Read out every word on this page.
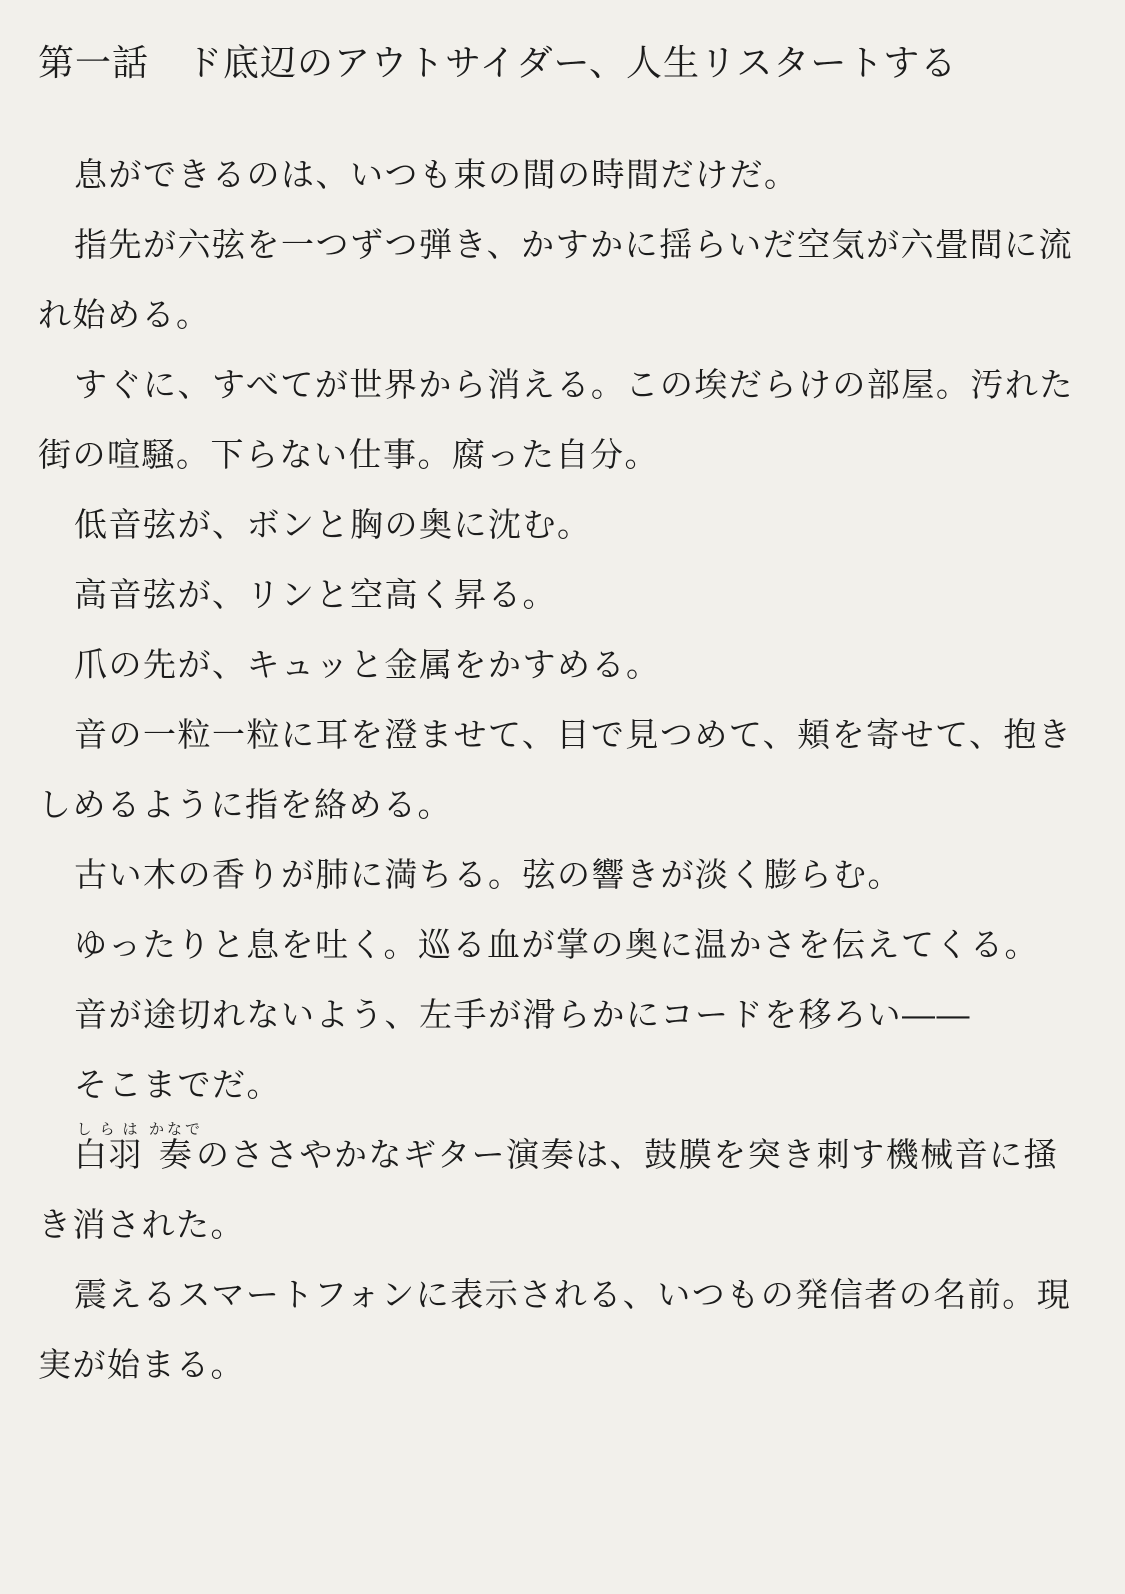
第一話　ド底辺のアウトサイダー、人生リスタートする

息ができるのは、いつも束の間の時間だけだ。

指先が六弦を一つずつ弾き、かすかに揺らいだ空気が六畳間に流れ始める。

すぐに、すべてが世界から消える。この埃だらけの部屋。汚れた街の喧騒。下らない仕事。腐った自分。

低音弦が、ボンと胸の奥に沈む。

高音弦が、リンと空高く昇る。

爪の先が、キュッと金属をかすめる。

音の一粒一粒に耳を澄ませて、目で見つめて、頬を寄せて、抱きしめるように指を絡める。

古い木の香りが肺に満ちる。弦の響きが淡く膨らむ。

ゆったりと息を吐く。巡る血が掌の奥に温かさを伝えてくる。

音が途切れないよう、左手が滑らかにコードを移ろい――

そこまでだ。

白羽しらは 奏かなでのささやかなギター演奏は、鼓膜を突き刺す機械音に掻き消された。

震えるスマートフォンに表示される、いつもの発信者の名前。現実が始まる。
